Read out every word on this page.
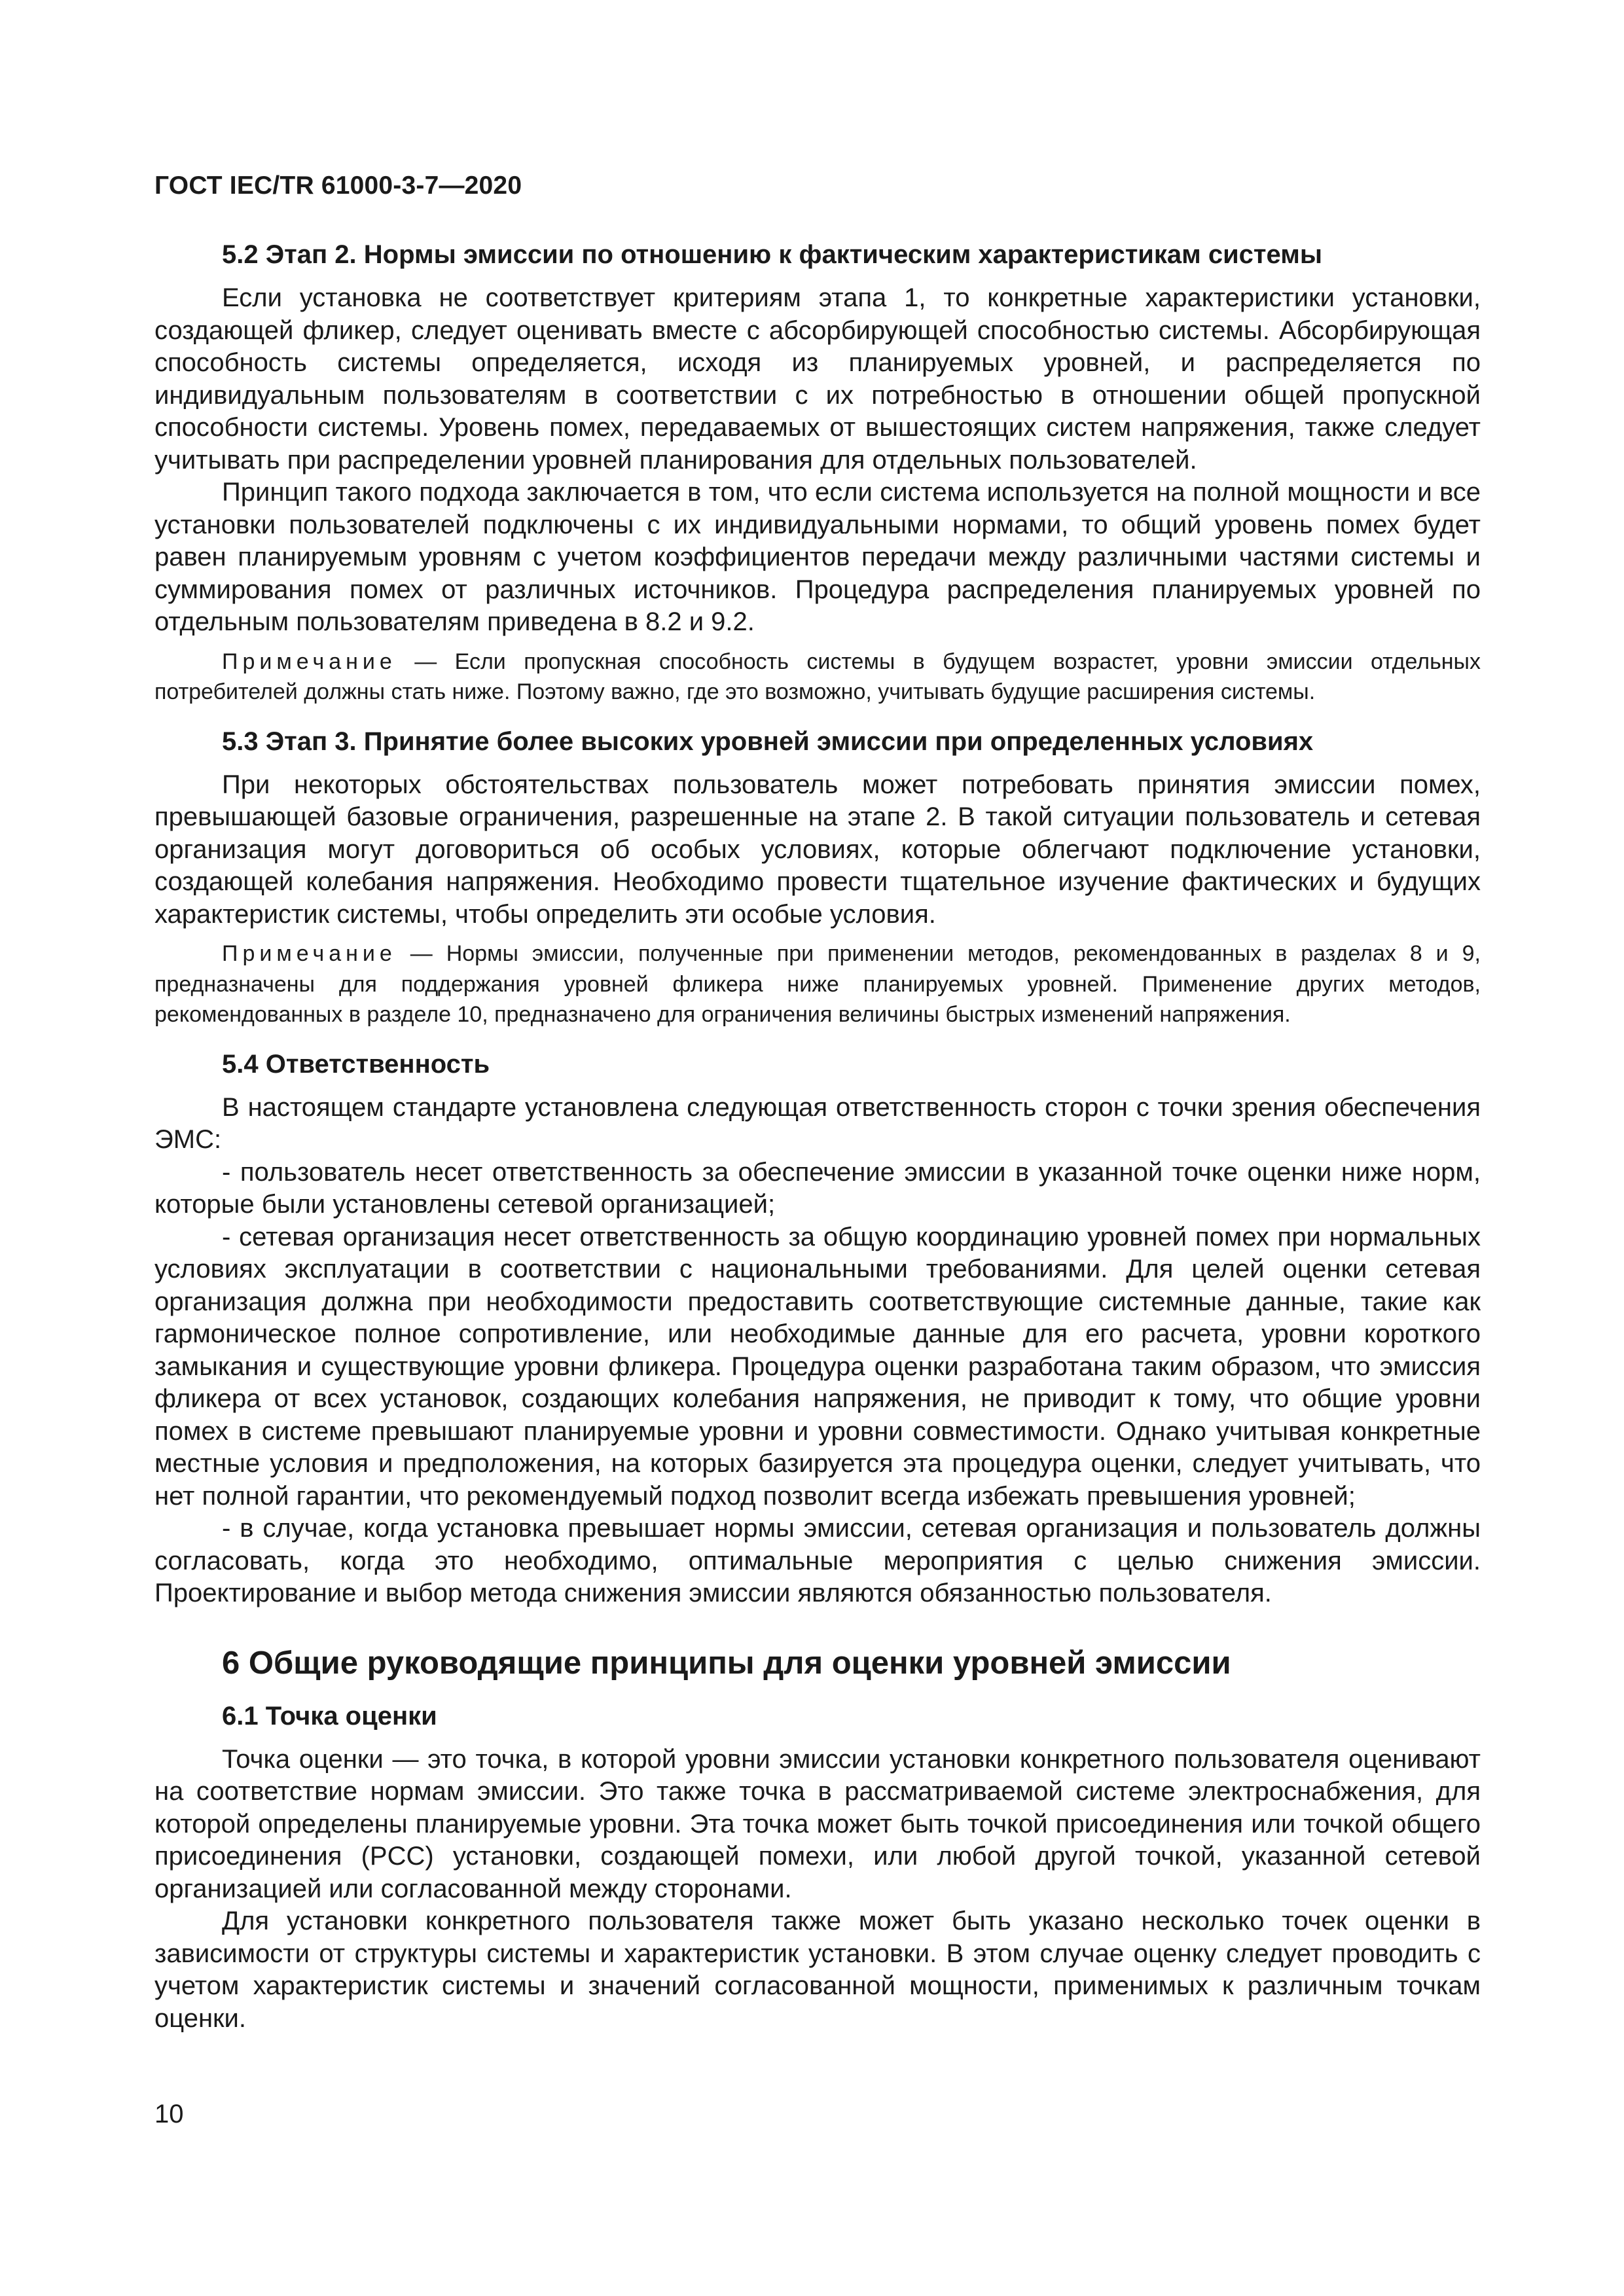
ГОСТ IEC/TR 61000-3-7—2020
5.2 Этап 2. Нормы эмиссии по отношению к фактическим характеристикам системы

Если установка не соответствует критериям этапа 1, то конкретные характеристики установки, создающей фликер, следует оценивать вместе с абсорбирующей способностью системы. Абсорбирующая способность системы определяется, исходя из планируемых уровней, и распределяется по индивидуальным пользователям в соответствии с их потребностью в отношении общей пропускной способности системы. Уровень помех, передаваемых от вышестоящих систем напряжения, также следует учитывать при распределении уровней планирования для отдельных пользователей.

Принцип такого подхода заключается в том, что если система используется на полной мощности и все установки пользователей подключены с их индивидуальными нормами, то общий уровень помех будет равен планируемым уровням с учетом коэффициентов передачи между различными частями системы и суммирования помех от различных источников. Процедура распределения планируемых уровней по отдельным пользователям приведена в 8.2 и 9.2.

Примечание — Если пропускная способность системы в будущем возрастет, уровни эмиссии отдельных потребителей должны стать ниже. Поэтому важно, где это возможно, учитывать будущие расширения системы.

5.3 Этап 3. Принятие более высоких уровней эмиссии при определенных условиях

При некоторых обстоятельствах пользователь может потребовать принятия эмиссии помех, превышающей базовые ограничения, разрешенные на этапе 2. В такой ситуации пользователь и сетевая организация могут договориться об особых условиях, которые облегчают подключение установки, создающей колебания напряжения. Необходимо провести тщательное изучение фактических и будущих характеристик системы, чтобы определить эти особые условия.

Примечание — Нормы эмиссии, полученные при применении методов, рекомендованных в разделах 8 и 9, предназначены для поддержания уровней фликера ниже планируемых уровней. Применение других методов, рекомендованных в разделе 10, предназначено для ограничения величины быстрых изменений напряжения.

5.4 Ответственность

В настоящем стандарте установлена следующая ответственность сторон с точки зрения обеспечения ЭМС:

- пользователь несет ответственность за обеспечение эмиссии в указанной точке оценки ниже норм, которые были установлены сетевой организацией;

- сетевая организация несет ответственность за общую координацию уровней помех при нормальных условиях эксплуатации в соответствии с национальными требованиями. Для целей оценки сетевая организация должна при необходимости предоставить соответствующие системные данные, такие как гармоническое полное сопротивление, или необходимые данные для его расчета, уровни короткого замыкания и существующие уровни фликера. Процедура оценки разработана таким образом, что эмиссия фликера от всех установок, создающих колебания напряжения, не приводит к тому, что общие уровни помех в системе превышают планируемые уровни и уровни совместимости. Однако учитывая конкретные местные условия и предположения, на которых базируется эта процедура оценки, следует учитывать, что нет полной гарантии, что рекомендуемый подход позволит всегда избежать превышения уровней;

- в случае, когда установка превышает нормы эмиссии, сетевая организация и пользователь должны согласовать, когда это необходимо, оптимальные мероприятия с целью снижения эмиссии. Проектирование и выбор метода снижения эмиссии являются обязанностью пользователя.

6 Общие руководящие принципы для оценки уровней эмиссии
6.1 Точка оценки

Точка оценки — это точка, в которой уровни эмиссии установки конкретного пользователя оценивают на соответствие нормам эмиссии. Это также точка в рассматриваемой системе электроснабжения, для которой определены планируемые уровни. Эта точка может быть точкой присоединения или точкой общего присоединения (PCC) установки, создающей помехи, или любой другой точкой, указанной сетевой организацией или согласованной между сторонами.

Для установки конкретного пользователя также может быть указано несколько точек оценки в зависимости от структуры системы и характеристик установки. В этом случае оценку следует проводить с учетом характеристик системы и значений согласованной мощности, применимых к различным точкам оценки.

10
